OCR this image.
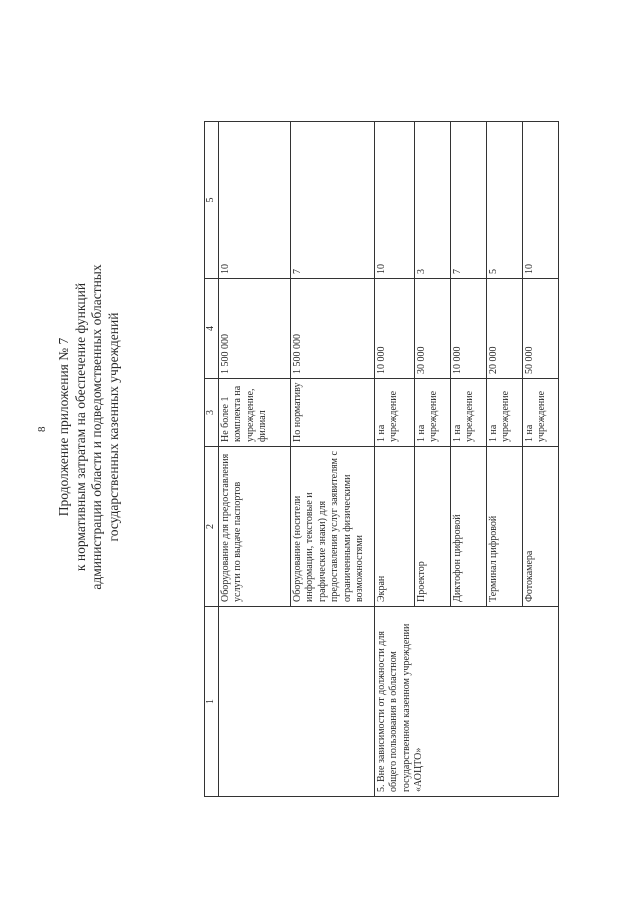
8 Продолжение приложения № 7 к нормативным затратам на обеспечение функций администрации области и подведомственных областных государственных казенных учреждений
1	2	3	4	5
	Оборудование для предоставления услуги по выдаче паспортов	Не более 1 комплекта на учреждение, филиал	1 500 000	10
	Оборудование (носители информации, текстовые и графические знаки) для предоставления услуг заявителям с ограниченными физическими возможностями	По нормативу	1 500 000	7
5. Вне зависимости от должности для общего пользования в областном государственном казенном учреждении «АОЦТО»	Экран	1 на учреждение	10 000	10
	Проектор	1 на учреждение	30 000	3
	Диктофон цифровой	1 на учреждение	10 000	7
	Терминал цифровой	1 на учреждение	20 000	5
	Фотокамера	1 на учреждение	50 000	10
